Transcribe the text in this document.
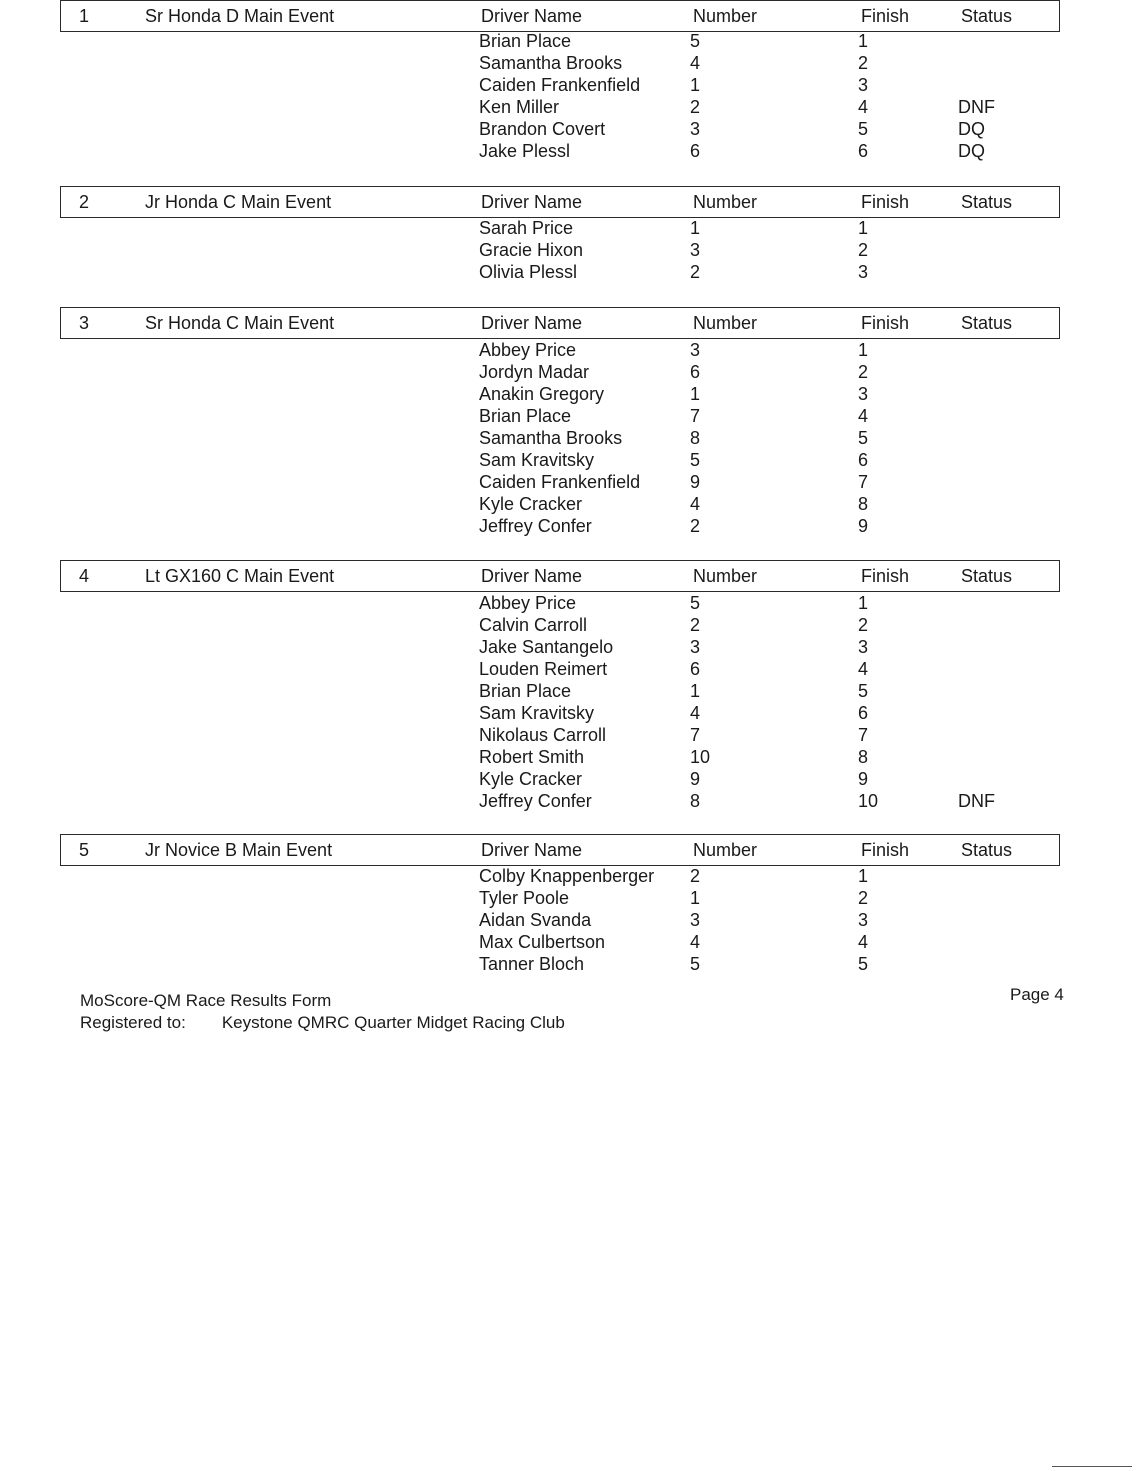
1	Sr Honda D Main Event	Driver Name	Number	Finish	Status
Brian Place	5	1
Samantha Brooks	4	2
Caiden Frankenfield	1	3
Ken Miller	2	4	DNF
Brandon Covert	3	5	DQ
Jake Plessl	6	6	DQ
2	Jr Honda C Main Event	Driver Name	Number	Finish	Status
Sarah Price	1	1
Gracie Hixon	3	2
Olivia Plessl	2	3
3	Sr Honda C Main Event	Driver Name	Number	Finish	Status
Abbey Price	3	1
Jordyn Madar	6	2
Anakin Gregory	1	3
Brian Place	7	4
Samantha Brooks	8	5
Sam Kravitsky	5	6
Caiden Frankenfield	9	7
Kyle Cracker	4	8
Jeffrey Confer	2	9
4	Lt GX160 C Main Event	Driver Name	Number	Finish	Status
Abbey Price	5	1
Calvin Carroll	2	2
Jake Santangelo	3	3
Louden Reimert	6	4
Brian Place	1	5
Sam Kravitsky	4	6
Nikolaus Carroll	7	7
Robert Smith	10	8
Kyle Cracker	9	9
Jeffrey Confer	8	10	DNF
5	Jr Novice B Main Event	Driver Name	Number	Finish	Status
Colby Knappenberger 2	1
Tyler Poole	1	2
Aidan Svanda	3	3
Max Culbertson	4	4
Tanner Bloch	5	5
MoScore-QM Race Results Form
Registered to: Keystone QMRC Quarter Midget Racing Club
Page 4
